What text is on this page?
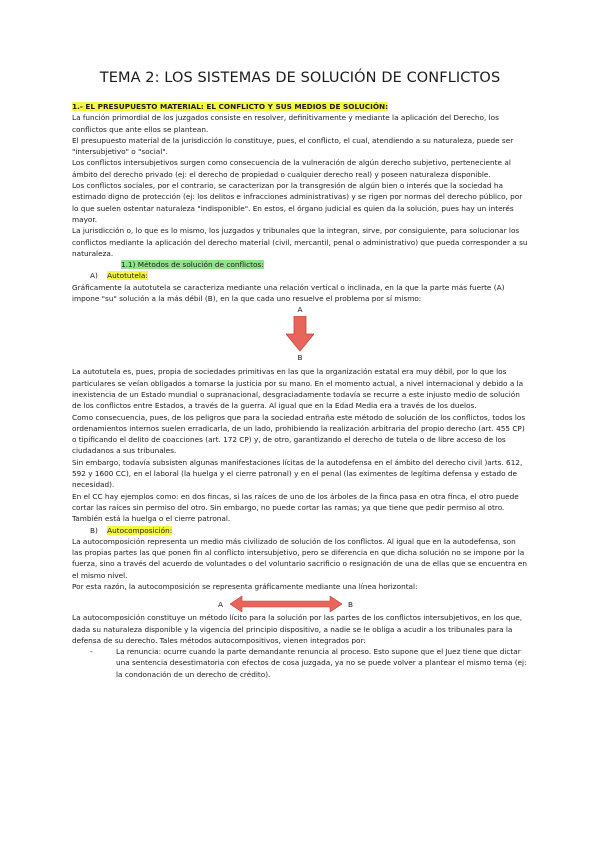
TEMA 2: LOS SISTEMAS DE SOLUCIÓN DE CONFLICTOS

1.- EL PRESUPUESTO MATERIAL: EL CONFLICTO Y SUS MEDIOS DE SOLUCIÓN:

La función primordial de los juzgados consiste en resolver, definitivamente y mediante la aplicación del Derecho, los conflictos que ante ellos se plantean.

El presupuesto material de la jurisdicción lo constituye, pues, el conflicto, el cual, atendiendo a su naturaleza, puede ser "intersubjetivo" o "social".

Los conflictos intersubjetivos surgen como consecuencia de la vulneración de algún derecho subjetivo, perteneciente al ámbito del derecho privado (ej: el derecho de propiedad o cualquier derecho real) y poseen naturaleza disponible.

Los conflictos sociales, por el contrario, se caracterizan por la transgresión de algún bien o interés que la sociedad ha estimado digno de protección (ej: los delitos e infracciones administrativas) y se rigen por normas del derecho público, por lo que suelen ostentar naturaleza "indisponible". En estos, el órgano judicial es quien da la solución, pues hay un interés mayor.

La jurisdicción o, lo que es lo mismo, los juzgados y tribunales que la integran, sirve, por consiguiente, para solucionar los conflictos mediante la aplicación del derecho material (civil, mercantil, penal o administrativo) que pueda corresponder a su naturaleza.

1.1) Métodos de solución de conflictos:

A) Autotutela:

Gráficamente la autotutela se caracteriza mediante una relación vertical o inclinada, en la que la parte más fuerte (A) impone "su" solución a la más débil (B), en la que cada uno resuelve el problema por sí mismo:

A
B

La autotutela es, pues, propia de sociedades primitivas en las que la organización estatal era muy débil, por lo que los particulares se veían obligados a tomarse la justicia por su mano. En el momento actual, a nivel internacional y debido a la inexistencia de un Estado mundial o supranacional, desgraciadamente todavía se recurre a este injusto medio de solución de los conflictos entre Estados, a través de la guerra. Al igual que en la Edad Media era a través de los duelos.

Como consecuencia, pues, de los peligros que para la sociedad entraña este método de solución de los conflictos, todos los ordenamientos internos suelen erradicarla, de un lado, prohibiendo la realización arbitraria del propio derecho (art. 455 CP) o tipificando el delito de coacciones (art. 172 CP) y, de otro, garantizando el derecho de tutela o de libre acceso de los ciudadanos a sus tribunales.

Sin embargo, todavía subsisten algunas manifestaciones lícitas de la autodefensa en el ámbito del derecho civil )arts. 612, 592 y 1600 CC), en el laboral (la huelga y el cierre patronal) y en el penal (las eximentes de legítima defensa y estado de necesidad).

En el CC hay ejemplos como: en dos fincas, si las raíces de uno de los árboles de la finca pasa en otra finca, el otro puede cortar las raíces sin permiso del otro. Sin embargo, no puede cortar las ramas; ya que tiene que pedir permiso al otro. También está la huelga o el cierre patronal.

B) Autocomposición:

La autocomposición representa un medio más civilizado de solución de los conflictos. Al igual que en la autodefensa, son las propias partes las que ponen fin al conflicto intersubjetivo, pero se diferencia en que dicha solución no se impone por la fuerza, sino a través del acuerdo de voluntades o del voluntario sacrificio o resignación de una de ellas que se encuentra en el mismo nivel.

Por esta razón, la autocomposición se representa gráficamente mediante una línea horizontal:

A	B

La autocomposición constituye un método lícito para la solución por las partes de los conflictos intersubjetivos, en los que, dada su naturaleza disponible y la vigencia del principio dispositivo, a nadie se le obliga a acudir a los tribunales para la defensa de su derecho. Tales métodos autocompositivos, vienen integrados por:

-	La renuncia: ocurre cuando la parte demandante renuncia al proceso. Esto supone que el Juez tiene que dictar una sentencia desestimatoria con efectos de cosa juzgada, ya no se puede volver a plantear el mismo tema (ej: la condonación de un derecho de crédito).
